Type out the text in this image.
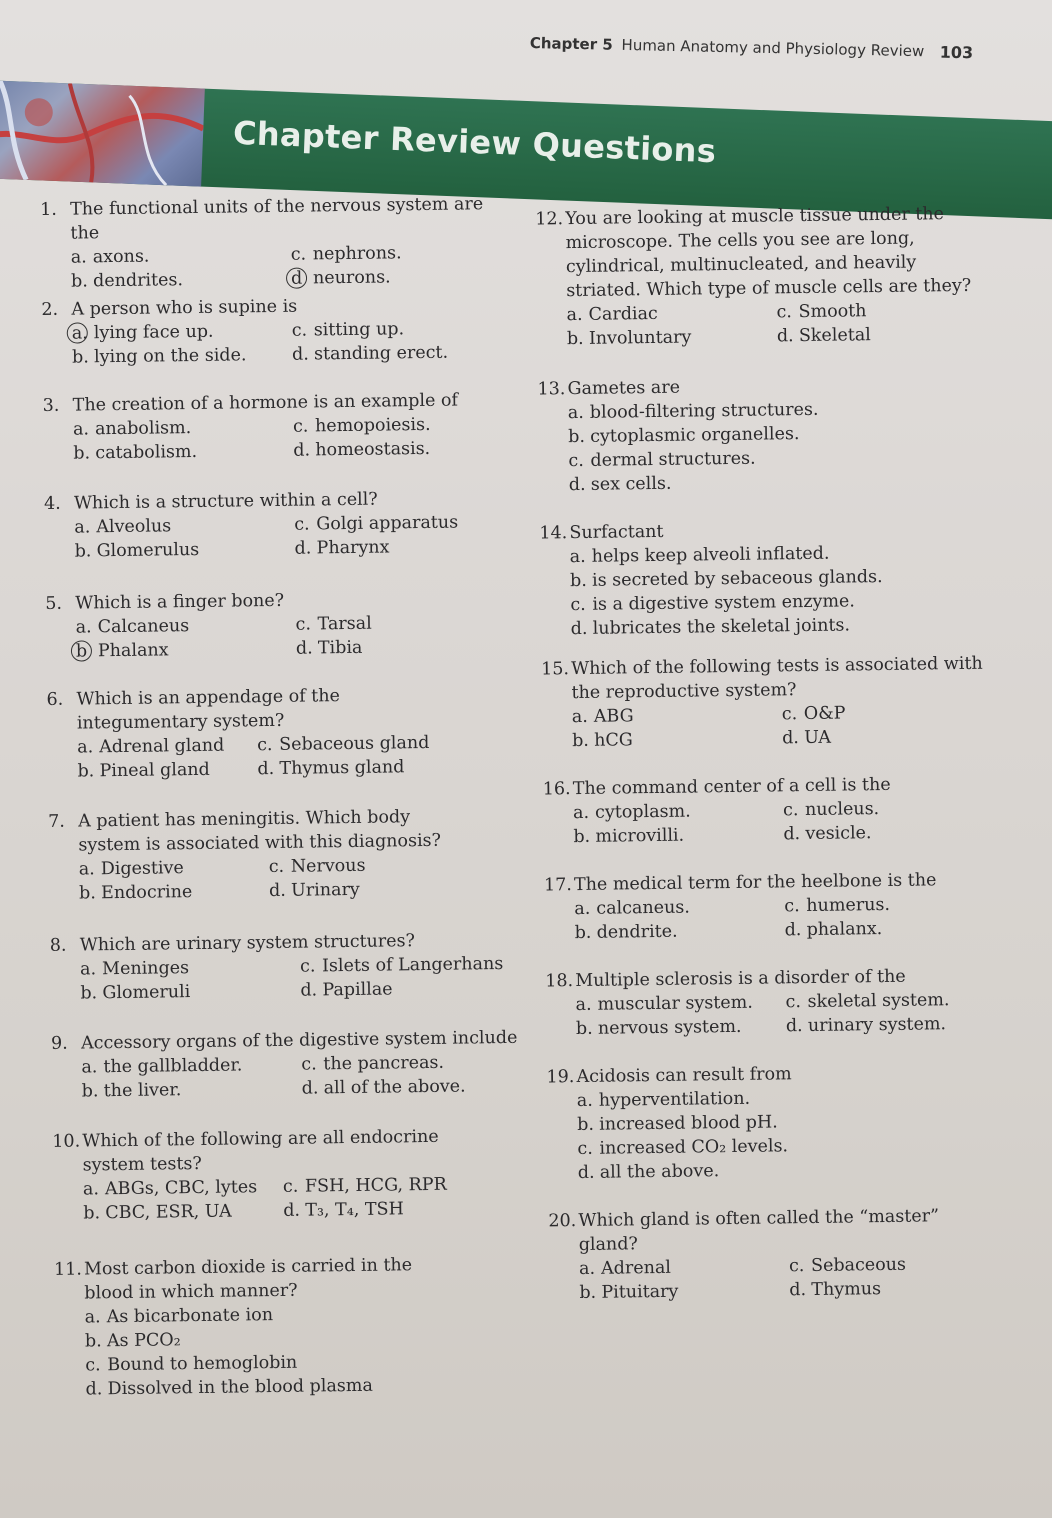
Chapter 5 Human Anatomy and Physiology Review 103
Chapter Review Questions
1. The functional units of the nervous system are the
a. axons.	c. nephrons.
b. dendrites.	d neurons.
2. A person who is supine is
a. lying face up.	c. sitting up.
b. lying on the side.	d. standing erect.
3. The creation of a hormone is an example of
a. anabolism.	c. hemopoiesis.
b. catabolism.	d. homeostasis.
4. Which is a structure within a cell?
a. Alveolus	c. Golgi apparatus
b. Glomerulus	d. Pharynx
5. Which is a finger bone?
a. Calcaneus	c. Tarsal
b Phalanx	d. Tibia
6. Which is an appendage of the integumentary system?
a. Adrenal gland c. Sebaceous gland
b. Pineal gland	d. Thymus gland
7. A patient has meningitis. Which body system is associated with this diagnosis?
a. Digestive	c. Nervous
b. Endocrine	d. Urinary
8. Which are urinary system structures?
a. Meninges	c. Islets of Langerhans
b. Glomeruli	d. Papillae
9. Accessory organs of the digestive system include
a. the gallbladder.	c. the pancreas.
b. the liver.	d. all of the above.
10. Which of the following are all endocrine system tests?
a. ABGs, CBC, lytes c. FSH, HCG, RPR
b. CBC, ESR, UA	d. T₃, T₄, TSH
11. Most carbon dioxide is carried in the blood in which manner?
a. As bicarbonate ion
b. As PCO₂
c. Bound to hemoglobin
d. Dissolved in the blood plasma
12. You are looking at muscle tissue under the microscope. The cells you see are long, cylindrical, multinucleated, and heavily striated. Which type of muscle cells are they?
a. Cardiac	c. Smooth
b. Involuntary	d. Skeletal
13. Gametes are
a. blood-filtering structures.
b. cytoplasmic organelles.
c. dermal structures.
d. sex cells.
14. Surfactant
a. helps keep alveoli inflated.
b. is secreted by sebaceous glands.
c. is a digestive system enzyme.
d. lubricates the skeletal joints.
15. Which of the following tests is associated with the reproductive system?
a. ABG	c. O&P
b. hCG	d. UA
16. The command center of a cell is the
a. cytoplasm.	c. nucleus.
b. microvilli.	d. vesicle.
17. The medical term for the heelbone is the
a. calcaneus.	c. humerus.
b. dendrite.	d. phalanx.
18. Multiple sclerosis is a disorder of the
a. muscular system. c. skeletal system.
b. nervous system.	d. urinary system.
19. Acidosis can result from
a. hyperventilation.
b. increased blood pH.
c. increased CO₂ levels.
d. all the above.
20. Which gland is often called the “master” gland?
a. Adrenal	c. Sebaceous
b. Pituitary	d. Thymus
